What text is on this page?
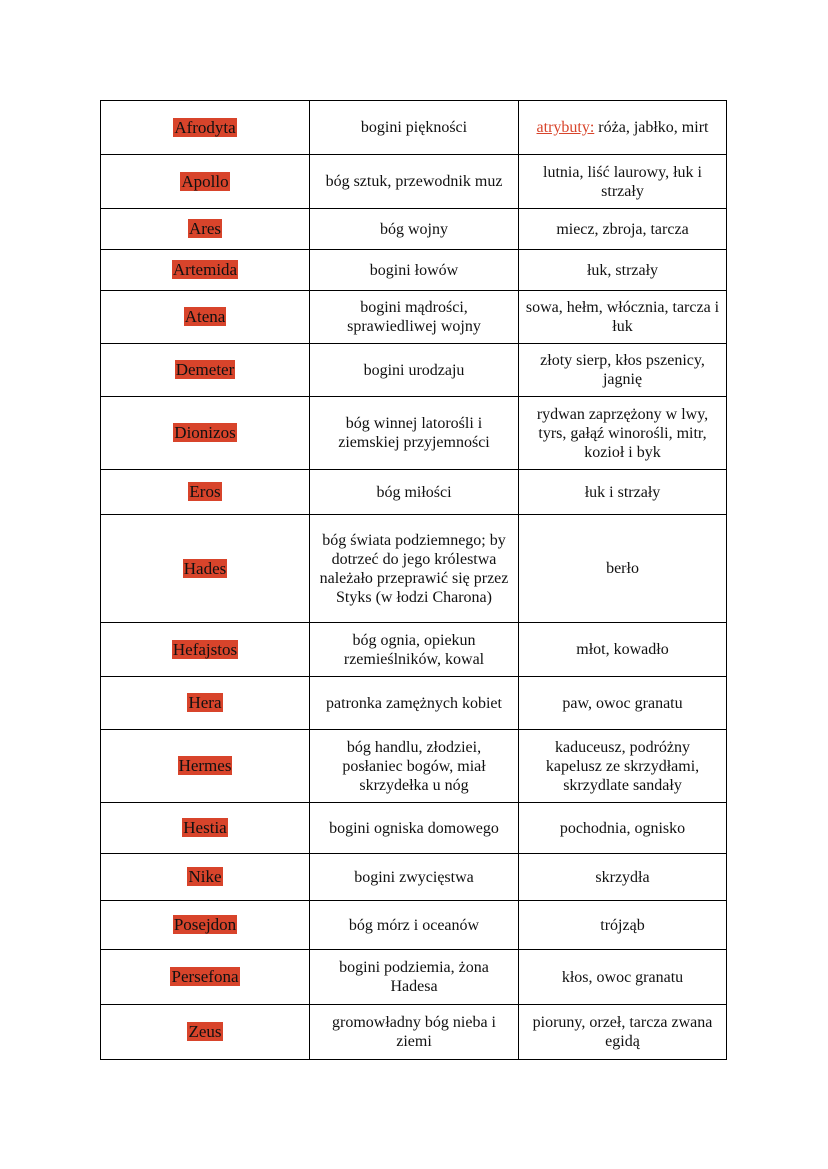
Afrodyta	bogini piękności	atrybuty: róża, jabłko, mirt
Apollo	bóg sztuk, przewodnik muz	lutnia, liść laurowy, łuk i strzały
Ares	bóg wojny	miecz, zbroja, tarcza
Artemida	bogini łowów	łuk, strzały
Atena	bogini mądrości, sprawiedliwej wojny	sowa, hełm, włócznia, tarcza i łuk
Demeter	bogini urodzaju	złoty sierp, kłos pszenicy, jagnię
Dionizos	bóg winnej latorośli i ziemskiej przyjemności	rydwan zaprzężony w lwy, tyrs, gałąź winorośli, mitr, kozioł i byk
Eros	bóg miłości	łuk i strzały
Hades	bóg świata podziemnego; by dotrzeć do jego królestwa należało przeprawić się przez Styks (w łodzi Charona)	berło
Hefajstos	bóg ognia, opiekun rzemieślników, kowal	młot, kowadło
Hera	patronka zamężnych kobiet	paw, owoc granatu
Hermes	bóg handlu, złodziei, posłaniec bogów, miał skrzydełka u nóg	kaduceusz, podróżny kapelusz ze skrzydłami, skrzydlate sandały
Hestia	bogini ogniska domowego	pochodnia, ognisko
Nike	bogini zwycięstwa	skrzydła
Posejdon	bóg mórz i oceanów	trójząb
Persefona	bogini podziemia, żona Hadesa	kłos, owoc granatu
Zeus	gromowładny bóg nieba i ziemi	pioruny, orzeł, tarcza zwana egidą
